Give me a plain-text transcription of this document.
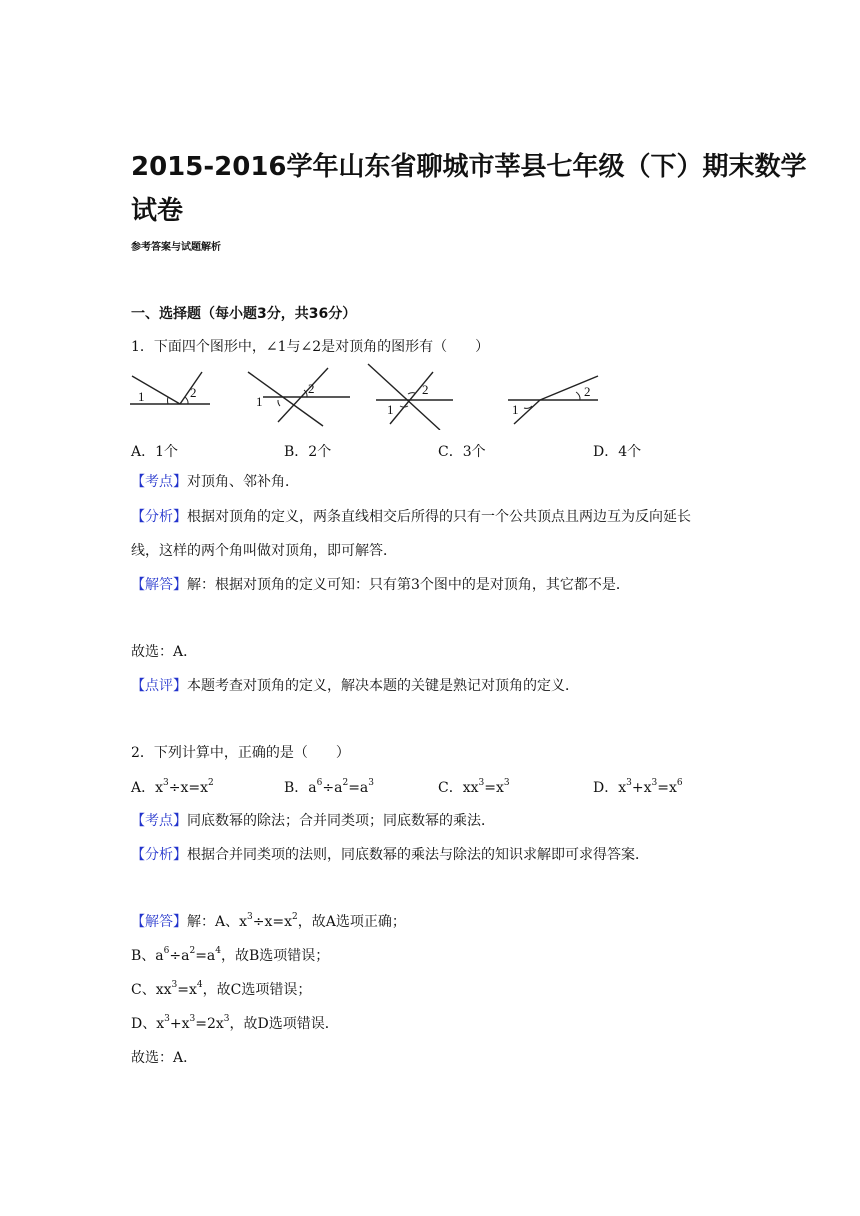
2015-2016学年山东省聊城市莘县七年级（下）期末数学
试卷
参考答案与试题解析
一、选择题（每小题3分，共36分）
1．下面四个图形中，∠1与∠2是对顶角的图形有（　　）
1	2
1
2
1
2
1
2
A．1个	B．2个	C．3个	D．4个
【考点】对顶角、邻补角．
【分析】根据对顶角的定义，两条直线相交后所得的只有一个公共顶点且两边互为反向延长
线，这样的两个角叫做对顶角，即可解答．
【解答】解：根据对顶角的定义可知：只有第3个图中的是对顶角，其它都不是．
故选：A．
【点评】本题考查对顶角的定义，解决本题的关键是熟记对顶角的定义．
2．下列计算中，正确的是（　　）
A．$x^3\div x=x^2$	B．$a^6\div a^2=a^3$	C．$xx^3=x^3$	D．$x^3+x^3=x^6$
【考点】同底数幂的除法；合并同类项；同底数幂的乘法．
【分析】根据合并同类项的法则，同底数幂的乘法与除法的知识求解即可求得答案．
【解答】解：A、$x^3\div x=x^2$，故A选项正确；
B、$a^6\div a^2=a^4$，故B选项错误；
C、$xx^3=x^4$，故C选项错误；
D、$x^3+x^3=2x^3$，故D选项错误．
故选：A．
